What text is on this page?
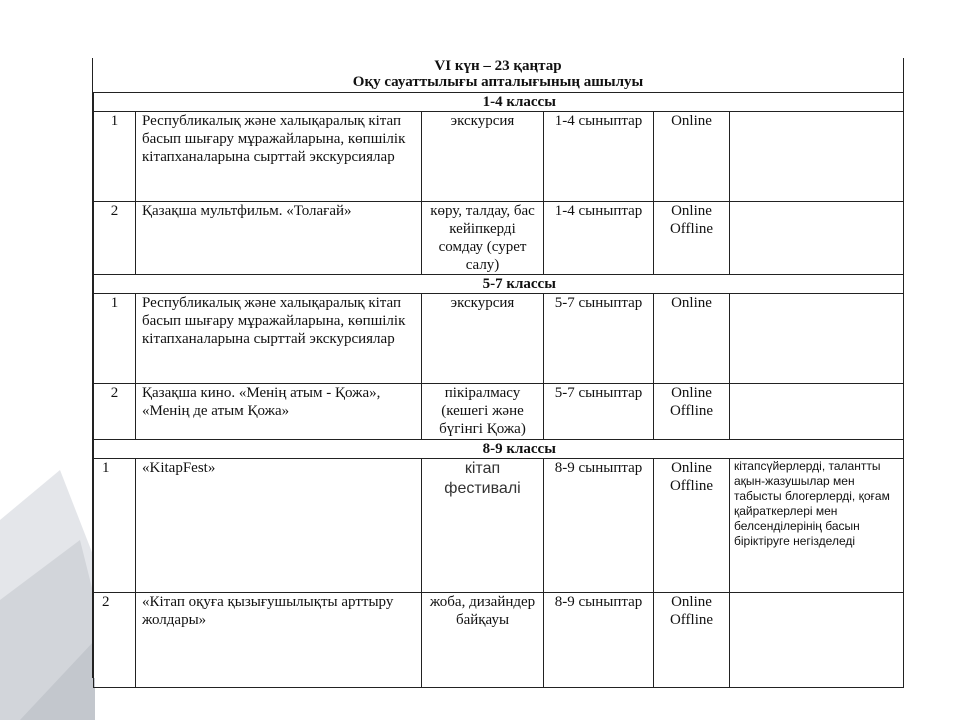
VI күн – 23 қаңтар
Оқу сауаттылығы апталығының ашылуы
	1-4 классы				
1	Республикалық және халықаралық кітап басып шығару мұражайларына, көпшілік кітапханаларына сырттай экскурсиялар	экскурсия	1-4 сыныптар	Online	
2	Қазақша мультфильм. «Толағай»	көру, талдау, бас кейіпкерді сомдау (сурет салу)	1-4 сыныптар	Online Offline	
	5-7 классы				
1	Республикалық және халықаралық кітап басып шығару мұражайларына, көпшілік кітапханаларына сырттай экскурсиялар	экскурсия	5-7 сыныптар	Online	
2	Қазақша кино. «Менің атым - Қожа», «Менің де атым Қожа»	пікіралмасу (кешегі және бүгінгі Қожа)	5-7 сыныптар	Online Offline	
	8-9 классы				
1	«KitapFest»	кітап фестивалі	8-9 сыныптар	Online Offline	кітапсүйерлерді, талантты ақын-жазушылар мен табысты блогерлерді, қоғам қайраткерлері мен белсенділерінің басын біріктіруге негізделеді
2	«Кітап оқуға қызығушылықты арттыру жолдары»	жоба, дизайндер байқауы	8-9 сыныптар	Online Offline	
